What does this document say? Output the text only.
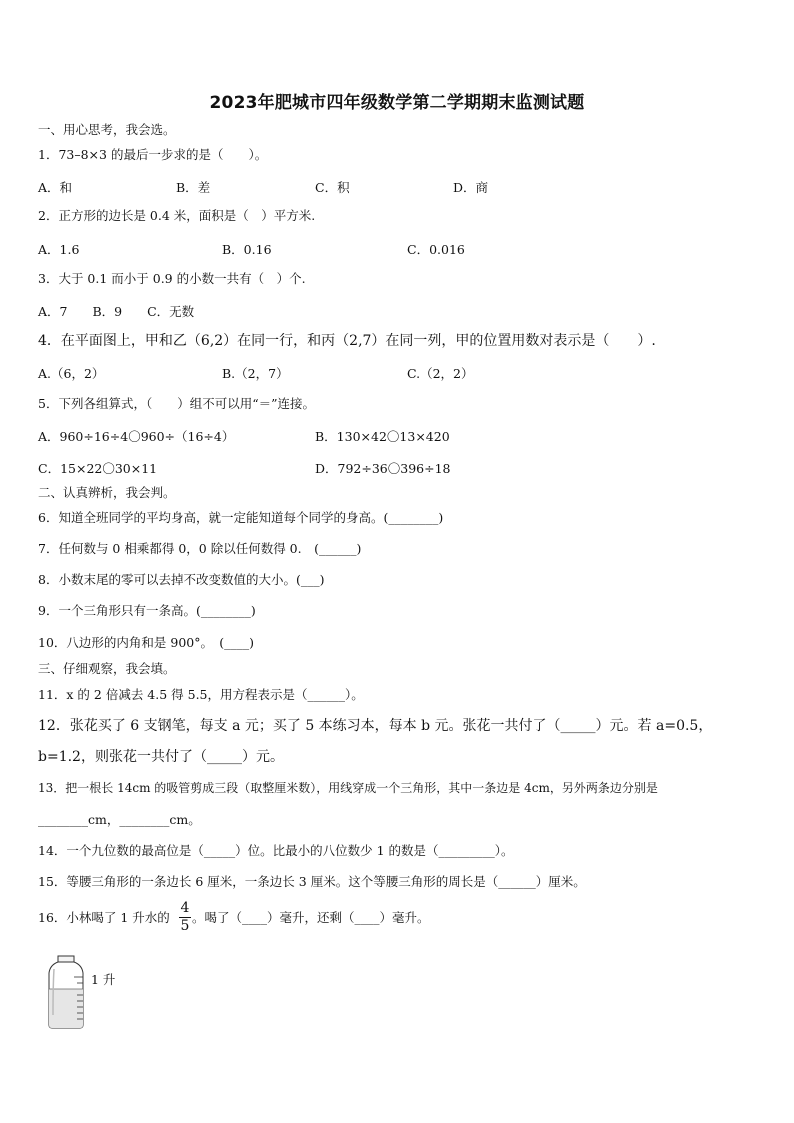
2023年肥城市四年级数学第二学期期末监测试题
一、用心思考，我会选。
1．73–8×3 的最后一步求的是（　　）。
A．和	B．差	C．积	D．商
2．正方形的边长是 0.4 米，面积是（　）平方米.
A．1.6	B．0.16	C．0.016
3．大于 0.1 而小于 0.9 的小数一共有（　）个.
A．7　　B．9　　C．无数
4．在平面图上，甲和乙（6,2）在同一行，和丙（2,7）在同一列，甲的位置用数对表示是（　　）.
A.（6，2）	B.（2，7）	C.（2，2）
5．下列各组算式，（　　）组不可以用“＝”连接。
A．960÷16÷4〇960÷（16÷4）	B．130×42〇13×420
C．15×22〇30×11	D．792÷36〇396÷18
二、认真辨析，我会判。
6．知道全班同学的平均身高，就一定能知道每个同学的身高。(________)
7．任何数与 0 相乘都得 0，0 除以任何数得 0.　(______)
8．小数末尾的零可以去掉不改变数值的大小。(___)
9．一个三角形只有一条高。(________)
10．八边形的内角和是 900°。　(____)
三、仔细观察，我会填。
11．x 的 2 倍减去 4.5 得 5.5，用方程表示是（______）。
12．张花买了 6 支钢笔，每支 a 元；买了 5 本练习本，每本 b 元。张花一共付了（_____）元。若 a=0.5，
b=1.2，则张花一共付了（_____）元。
13．把一根长 14cm 的吸管剪成三段（取整厘米数），用线穿成一个三角形，其中一条边是 4cm，另外两条边分别是
________cm，________cm。
14．一个九位数的最高位是（_____）位。比最小的八位数少 1 的数是（_________）。
15．等腰三角形的一条边长 6 厘米，一条边长 3 厘米。这个等腰三角形的周长是（______）厘米。
16．小林喝了 1 升水的
4
5
。喝了（____）毫升，还剩（____）毫升。
1 升
